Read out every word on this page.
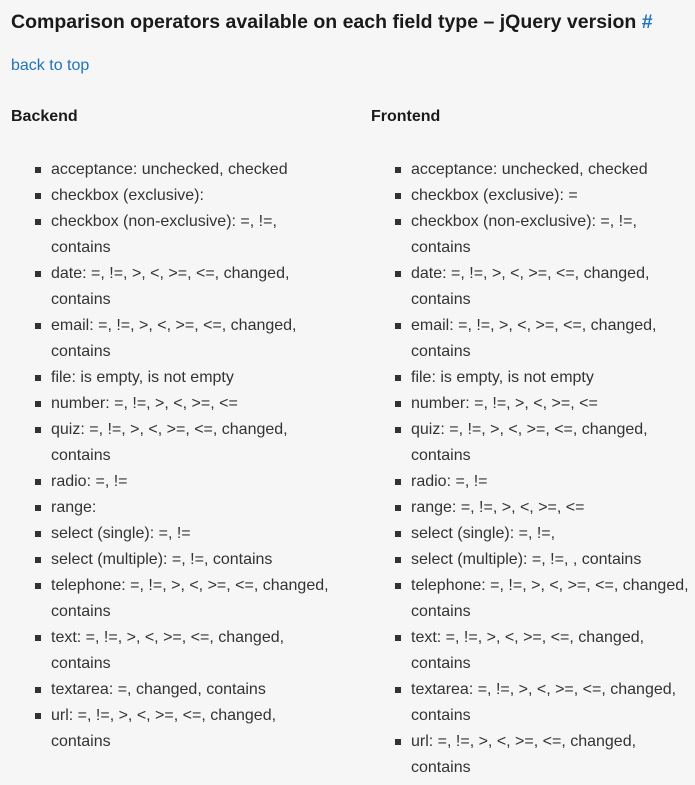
Comparison operators available on each field type – jQuery version #
back to top
Backend
acceptance: unchecked, checked
checkbox (exclusive):
checkbox (non-exclusive): =, !=,
contains
date: =, !=, >, <, >=, <=, changed,
contains
email: =, !=, >, <, >=, <=, changed,
contains
file: is empty, is not empty
number: =, !=, >, <, >=, <=
quiz: =, !=, >, <, >=, <=, changed,
contains
radio: =, !=
range:
select (single): =, !=
select (multiple): =, !=, contains
telephone: =, !=, >, <, >=, <=, changed,
contains
text: =, !=, >, <, >=, <=, changed,
contains
textarea: =, changed, contains
url: =, !=, >, <, >=, <=, changed,
contains
Frontend
acceptance: unchecked, checked
checkbox (exclusive): =
checkbox (non-exclusive): =, !=,
contains
date: =, !=, >, <, >=, <=, changed,
contains
email: =, !=, >, <, >=, <=, changed,
contains
file: is empty, is not empty
number: =, !=, >, <, >=, <=
quiz: =, !=, >, <, >=, <=, changed,
contains
radio: =, !=
range: =, !=, >, <, >=, <=
select (single): =, !=,
select (multiple): =, !=, , contains
telephone: =, !=, >, <, >=, <=, changed,
contains
text: =, !=, >, <, >=, <=, changed,
contains
textarea: =, !=, >, <, >=, <=, changed,
contains
url: =, !=, >, <, >=, <=, changed,
contains
